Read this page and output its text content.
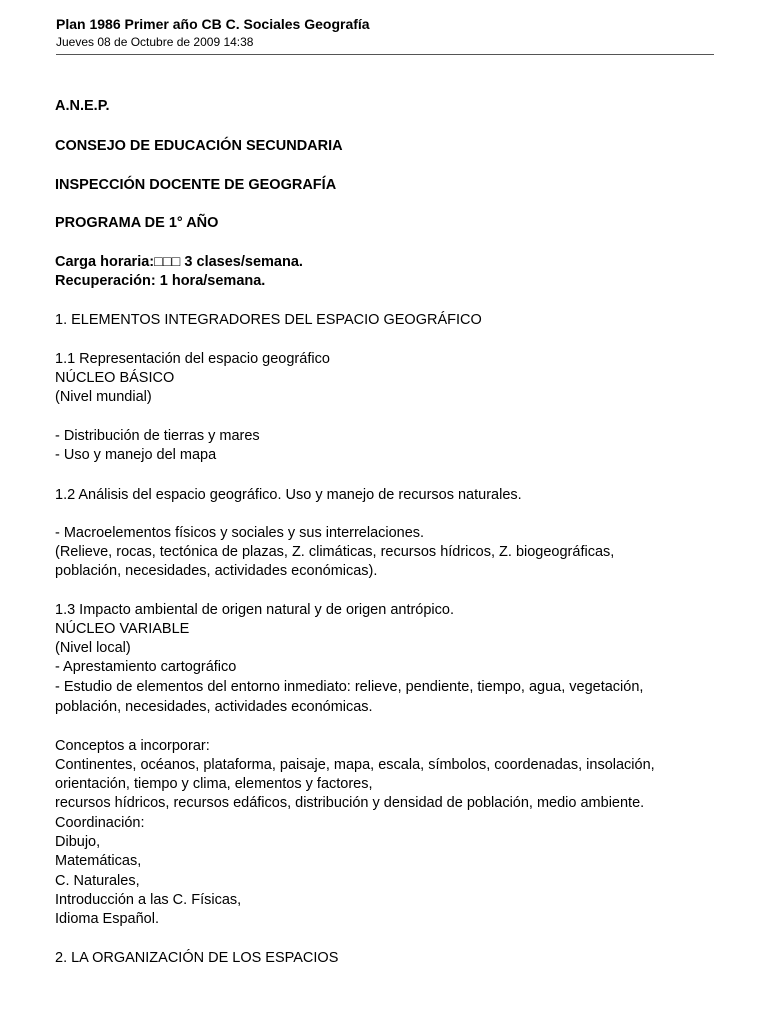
Plan 1986 Primer año CB C. Sociales Geografía
Jueves 08 de Octubre de 2009 14:38
A.N.E.P.
CONSEJO DE EDUCACIÓN SECUNDARIA
INSPECCIÓN DOCENTE DE GEOGRAFÍA
PROGRAMA DE 1° AÑO
Carga horaria:□□□ 3 clases/semana.
Recuperación: 1 hora/semana.
1. ELEMENTOS INTEGRADORES DEL ESPACIO GEOGRÁFICO
1.1 Representación del espacio geográfico
NÚCLEO BÁSICO
(Nivel mundial)
- Distribución de tierras y mares
- Uso y manejo del mapa
1.2 Análisis del espacio geográfico. Uso y manejo de recursos naturales.
- Macroelementos físicos y sociales y sus interrelaciones.
(Relieve, rocas, tectónica de plazas, Z. climáticas, recursos hídricos, Z. biogeográficas,
población, necesidades, actividades económicas).
1.3 Impacto ambiental de origen natural y de origen antrópico.
NÚCLEO VARIABLE
(Nivel local)
- Aprestamiento cartográfico
- Estudio de elementos del entorno inmediato: relieve, pendiente, tiempo, agua, vegetación,
población, necesidades, actividades económicas.
Conceptos a incorporar:
Continentes, océanos, plataforma, paisaje, mapa, escala, símbolos, coordenadas, insolación,
orientación, tiempo y clima, elementos y factores,
recursos hídricos, recursos edáficos, distribución y densidad de población, medio ambiente.
Coordinación:
Dibujo,
Matemáticas,
C. Naturales,
Introducción a las C. Físicas,
Idioma Español.
2. LA ORGANIZACIÓN DE LOS ESPACIOS
